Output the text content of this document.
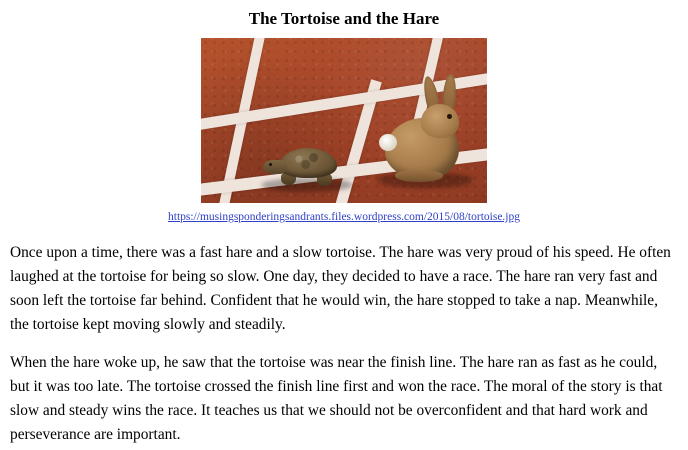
The Tortoise and the Hare
https://musingsponderingsandrants.files.wordpress.com/2015/08/tortoise.jpg

Once upon a time, there was a fast hare and a slow tortoise. The hare was very proud of his speed. He often laughed at the tortoise for being so slow. One day, they decided to have a race. The hare ran very fast and soon left the tortoise far behind. Confident that he would win, the hare stopped to take a nap. Meanwhile, the tortoise kept moving slowly and steadily.

When the hare woke up, he saw that the tortoise was near the finish line. The hare ran as fast as he could, but it was too late. The tortoise crossed the finish line first and won the race. The moral of the story is that slow and steady wins the race. It teaches us that we should not be overconfident and that hard work and perseverance are important.
